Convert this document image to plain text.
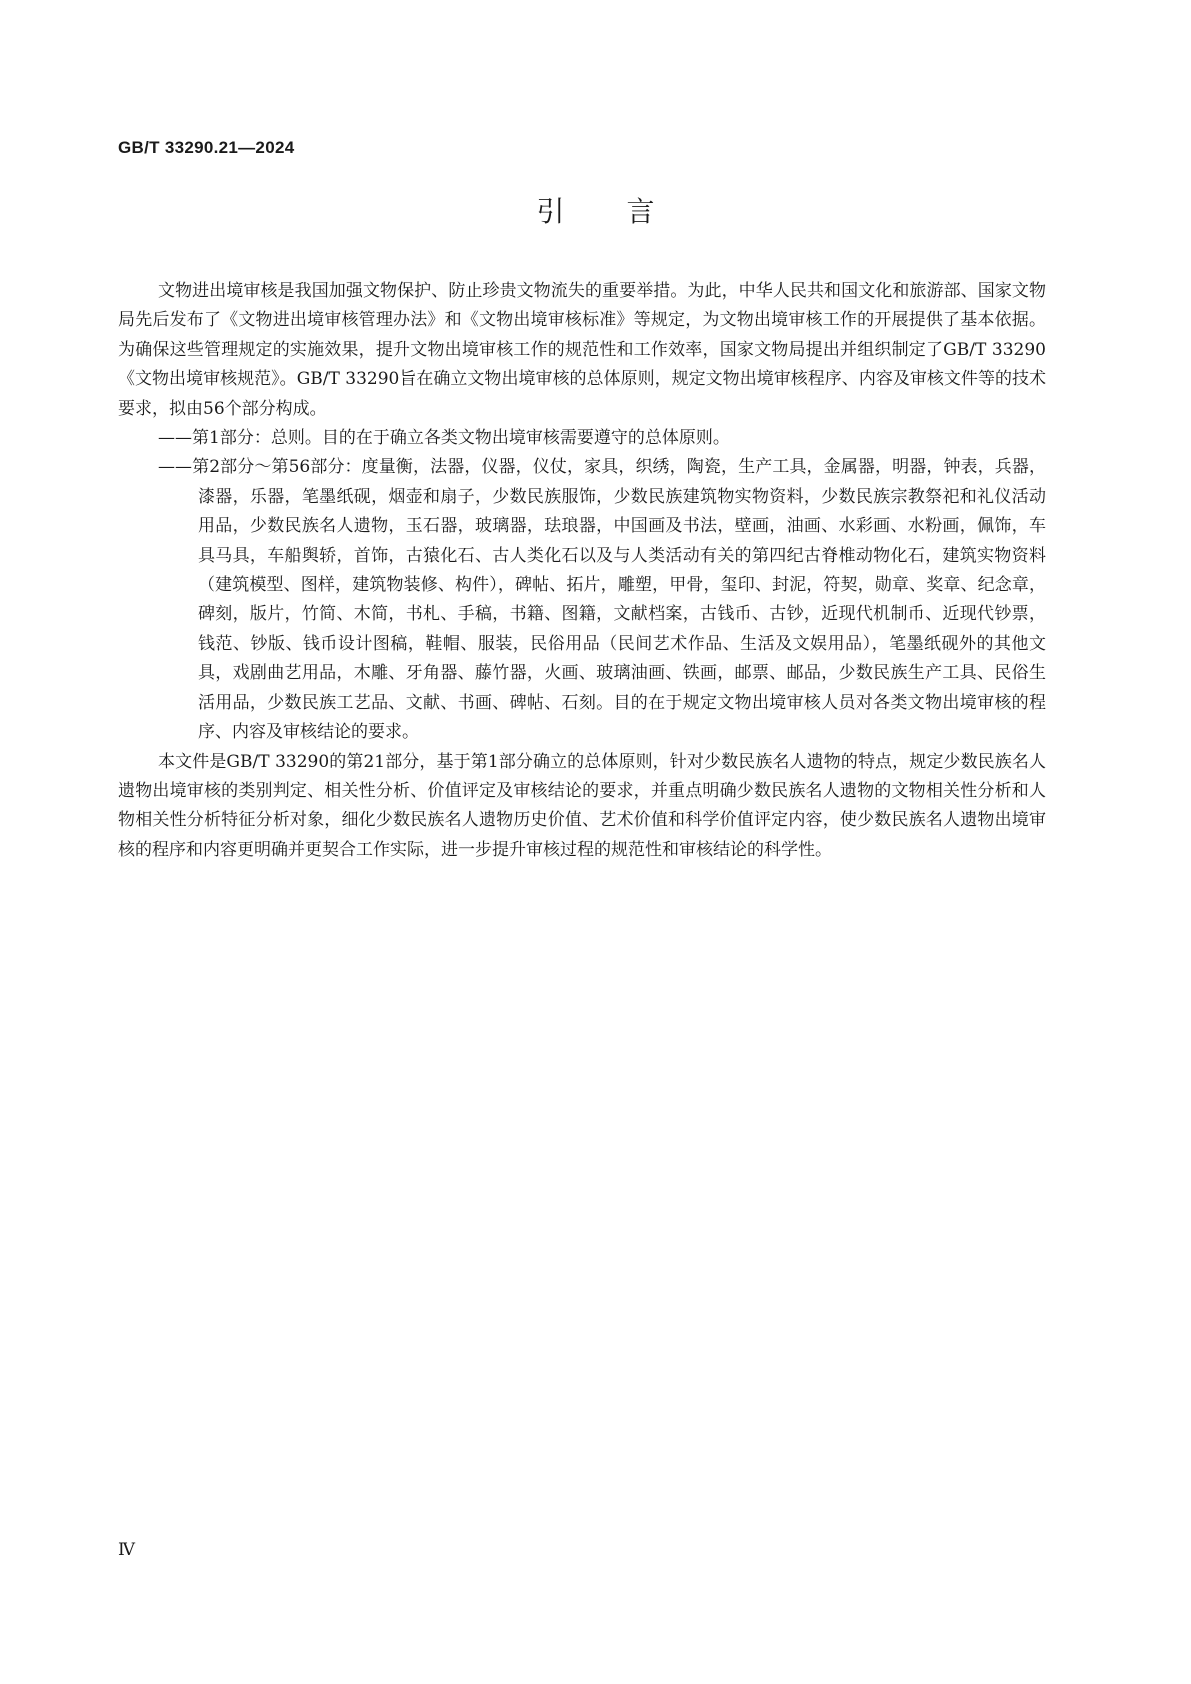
GB/T 33290.21—2024
引言

文物进出境审核是我国加强文物保护、防止珍贵文物流失的重要举措。为此，中华人民共和国文化和旅游部、国家文物局先后发布了《文物进出境审核管理办法》和《文物出境审核标准》等规定，为文物出境审核工作的开展提供了基本依据。为确保这些管理规定的实施效果，提升文物出境审核工作的规范性和工作效率，国家文物局提出并组织制定了GB/T 33290《文物出境审核规范》。GB/T 33290旨在确立文物出境审核的总体原则，规定文物出境审核程序、内容及审核文件等的技术要求，拟由56个部分构成。

——第1部分：总则。目的在于确立各类文物出境审核需要遵守的总体原则。

——第2部分～第56部分：度量衡，法器，仪器，仪仗，家具，织绣，陶瓷，生产工具，金属器，明器，钟表，兵器，漆器，乐器，笔墨纸砚，烟壶和扇子，少数民族服饰，少数民族建筑物实物资料，少数民族宗教祭祀和礼仪活动用品，少数民族名人遗物，玉石器，玻璃器，珐琅器，中国画及书法，壁画，油画、水彩画、水粉画，佩饰，车具马具，车船舆轿，首饰，古猿化石、古人类化石以及与人类活动有关的第四纪古脊椎动物化石，建筑实物资料（建筑模型、图样，建筑物装修、构件），碑帖、拓片，雕塑，甲骨，玺印、封泥，符契，勋章、奖章、纪念章，碑刻，版片，竹简、木简，书札、手稿，书籍、图籍，文献档案，古钱币、古钞，近现代机制币、近现代钞票，钱范、钞版、钱币设计图稿，鞋帽、服装，民俗用品（民间艺术作品、生活及文娱用品），笔墨纸砚外的其他文具，戏剧曲艺用品，木雕、牙角器、藤竹器，火画、玻璃油画、铁画，邮票、邮品，少数民族生产工具、民俗生活用品，少数民族工艺品、文献、书画、碑帖、石刻。目的在于规定文物出境审核人员对各类文物出境审核的程序、内容及审核结论的要求。

本文件是GB/T 33290的第21部分，基于第1部分确立的总体原则，针对少数民族名人遗物的特点，规定少数民族名人遗物出境审核的类别判定、相关性分析、价值评定及审核结论的要求，并重点明确少数民族名人遗物的文物相关性分析和人物相关性分析特征分析对象，细化少数民族名人遗物历史价值、艺术价值和科学价值评定内容，使少数民族名人遗物出境审核的程序和内容更明确并更契合工作实际，进一步提升审核过程的规范性和审核结论的科学性。

Ⅳ
